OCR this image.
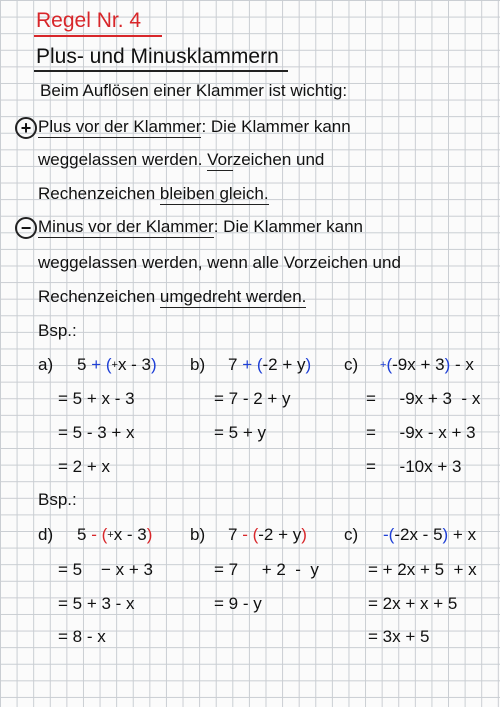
Regel Nr. 4
Plus- und Minusklammern
Beim Auflösen einer Klammer ist wichtig:
+ Plus vor der Klammer: Die Klammer kann
weggelassen werden. Vorzeichen und
Rechenzeichen bleiben gleich.
− Minus vor der Klammer: Die Klammer kann
weggelassen werden, wenn alle Vorzeichen und
Rechenzeichen umgedreht werden.
Bsp.:
a) 5 + (+x - 3)
= 5 + x - 3
= 5 - 3 + x
= 2 + x
b) 7 + (-2 + y)
= 7 - 2 + y
= 5 + y
c) +(-9x + 3) - x
=     -9x + 3  - x
=     -9x - x + 3
=     -10x + 3
Bsp.:
d) 5 - (+x - 3)
= 5    − x + 3
= 5 + 3 - x
= 8 - x
b) 7 - (-2 + y)
= 7     + 2  -  y
= 9 - y
c) -(-2x - 5) + x
= + 2x + 5  + x
= 2x + x + 5
= 3x + 5
